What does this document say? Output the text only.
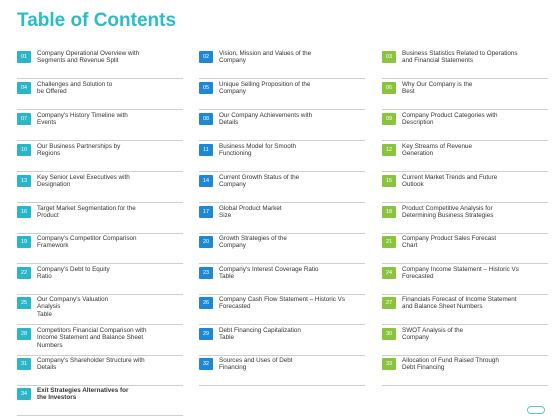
Table of Contents
01	Company Operational Overview with
Segments and Revenue Split
02	Vision, Mission and Values of the
Company
03	Business Statistics Related to Operations
and Financial Statements
04	Challenges and Solution to
be Offered
05	Unique Selling Proposition of the
Company
06	Why Our Company is the
Best
07	Company's History Timeline with
Events
08	Our Company Achievements with
Details
09	Company Product Categories with
Description
10	Our Business Partnerships by
Regions
11	Business Model for Smooth
Functioning
12	Key Streams of Revenue
Generation
13	Key Senior Level Executives with
Designation
14	Current Growth Status of the
Company
15	Current Market Trends and Future
Outlook
16	Target Market Segmentation for the
Product
17	Global Product Market
Size
18	Product Competitive Analysis for
Determining Business Strategies
19	Company's Competitor Comparison
Framework
20	Growth Strategies of the
Company
21	Company Product Sales Forecast
Chart
22	Company's Debt to Equity
Ratio
23	Company's Interest Coverage Ratio
Table
24	Company Income Statement – Historic Vs
Forecasted
25	Our Company's Valuation
Analysis
Table
26	Company Cash Flow Statement – Historic Vs
Forecasted
27	Financials Forecast of Income Statement
and Balance Sheet Numbers
28	Competitors Financial Comparison with
Income Statement and Balance Sheet
Numbers
29	Debt Financing Capitalization
Table
30	SWOT Analysis of the
Company
31	Company's Shareholder Structure with
Details
32	Sources and Uses of Debt
Financing
33	Allocation of Fund Raised Through
Debt Financing
34	Exit Strategies Alternatives for
the Investors
